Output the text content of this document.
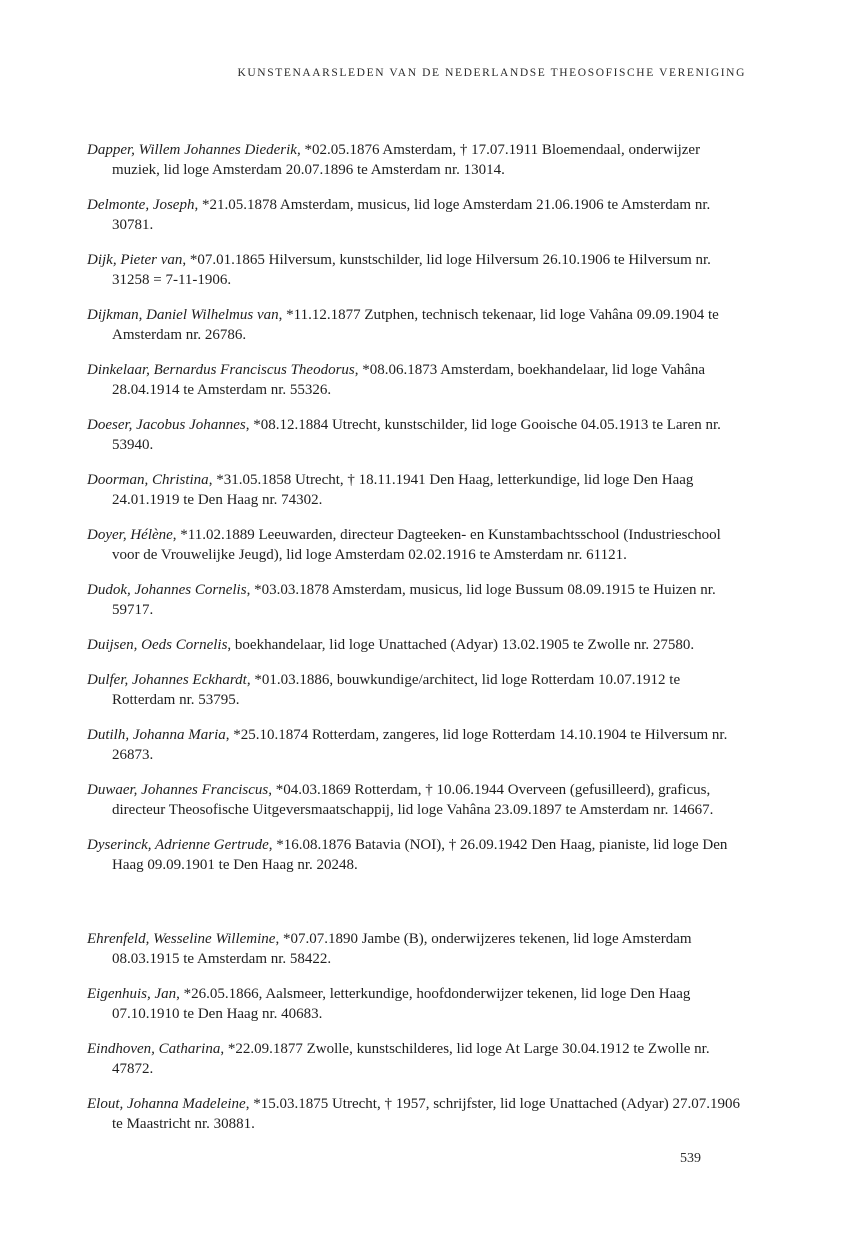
KUNSTENAARSLEDEN VAN DE NEDERLANDSE THEOSOFISCHE VERENIGING

Dapper, Willem Johannes Diederik, *02.05.1876 Amsterdam, † 17.07.1911 Bloemendaal, onderwijzer muziek, lid loge Amsterdam 20.07.1896 te Amsterdam nr. 13014.

Delmonte, Joseph, *21.05.1878 Amsterdam, musicus, lid loge Amsterdam 21.06.1906 te Amsterdam nr. 30781.

Dijk, Pieter van, *07.01.1865 Hilversum, kunstschilder, lid loge Hilversum 26.10.1906 te Hilversum nr. 31258 = 7-11-1906.

Dijkman, Daniel Wilhelmus van, *11.12.1877 Zutphen, technisch tekenaar, lid loge Vahâna 09.09.1904 te Amsterdam nr. 26786.

Dinkelaar, Bernardus Franciscus Theodorus, *08.06.1873 Amsterdam, boekhandelaar, lid loge Vahâna 28.04.1914 te Amsterdam nr. 55326.

Doeser, Jacobus Johannes, *08.12.1884 Utrecht, kunstschilder, lid loge Gooische 04.05.1913 te Laren nr. 53940.

Doorman, Christina, *31.05.1858 Utrecht, † 18.11.1941 Den Haag, letterkundige, lid loge Den Haag 24.01.1919 te Den Haag nr. 74302.

Doyer, Hélène, *11.02.1889 Leeuwarden, directeur Dagteeken- en Kunstambachtsschool (Industrieschool voor de Vrouwelijke Jeugd), lid loge Amsterdam 02.02.1916 te Amsterdam nr. 61121.

Dudok, Johannes Cornelis, *03.03.1878 Amsterdam, musicus, lid loge Bussum 08.09.1915 te Huizen nr. 59717.

Duijsen, Oeds Cornelis, boekhandelaar, lid loge Unattached (Adyar) 13.02.1905 te Zwolle nr. 27580.

Dulfer, Johannes Eckhardt, *01.03.1886, bouwkundige/architect, lid loge Rotterdam 10.07.1912 te Rotterdam nr. 53795.

Dutilh, Johanna Maria, *25.10.1874 Rotterdam, zangeres, lid loge Rotterdam 14.10.1904 te Hilversum nr. 26873.

Duwaer, Johannes Franciscus, *04.03.1869 Rotterdam, † 10.06.1944 Overveen (gefusilleerd), graficus, directeur Theosofische Uitgeversmaatschappij, lid loge Vahâna 23.09.1897 te Amsterdam nr. 14667.

Dyserinck, Adrienne Gertrude, *16.08.1876 Batavia (NOI), † 26.09.1942 Den Haag, pianiste, lid loge Den Haag 09.09.1901 te Den Haag nr. 20248.

Ehrenfeld, Wesseline Willemine, *07.07.1890 Jambe (B), onderwijzeres tekenen, lid loge Amsterdam 08.03.1915 te Amsterdam nr. 58422.

Eigenhuis, Jan, *26.05.1866, Aalsmeer, letterkundige, hoofdonderwijzer tekenen, lid loge Den Haag 07.10.1910 te Den Haag nr. 40683.

Eindhoven, Catharina, *22.09.1877 Zwolle, kunstschilderes, lid loge At Large 30.04.1912 te Zwolle nr. 47872.

Elout, Johanna Madeleine, *15.03.1875 Utrecht, † 1957, schrijfster, lid loge Unattached (Adyar) 27.07.1906 te Maastricht nr. 30881.

539
